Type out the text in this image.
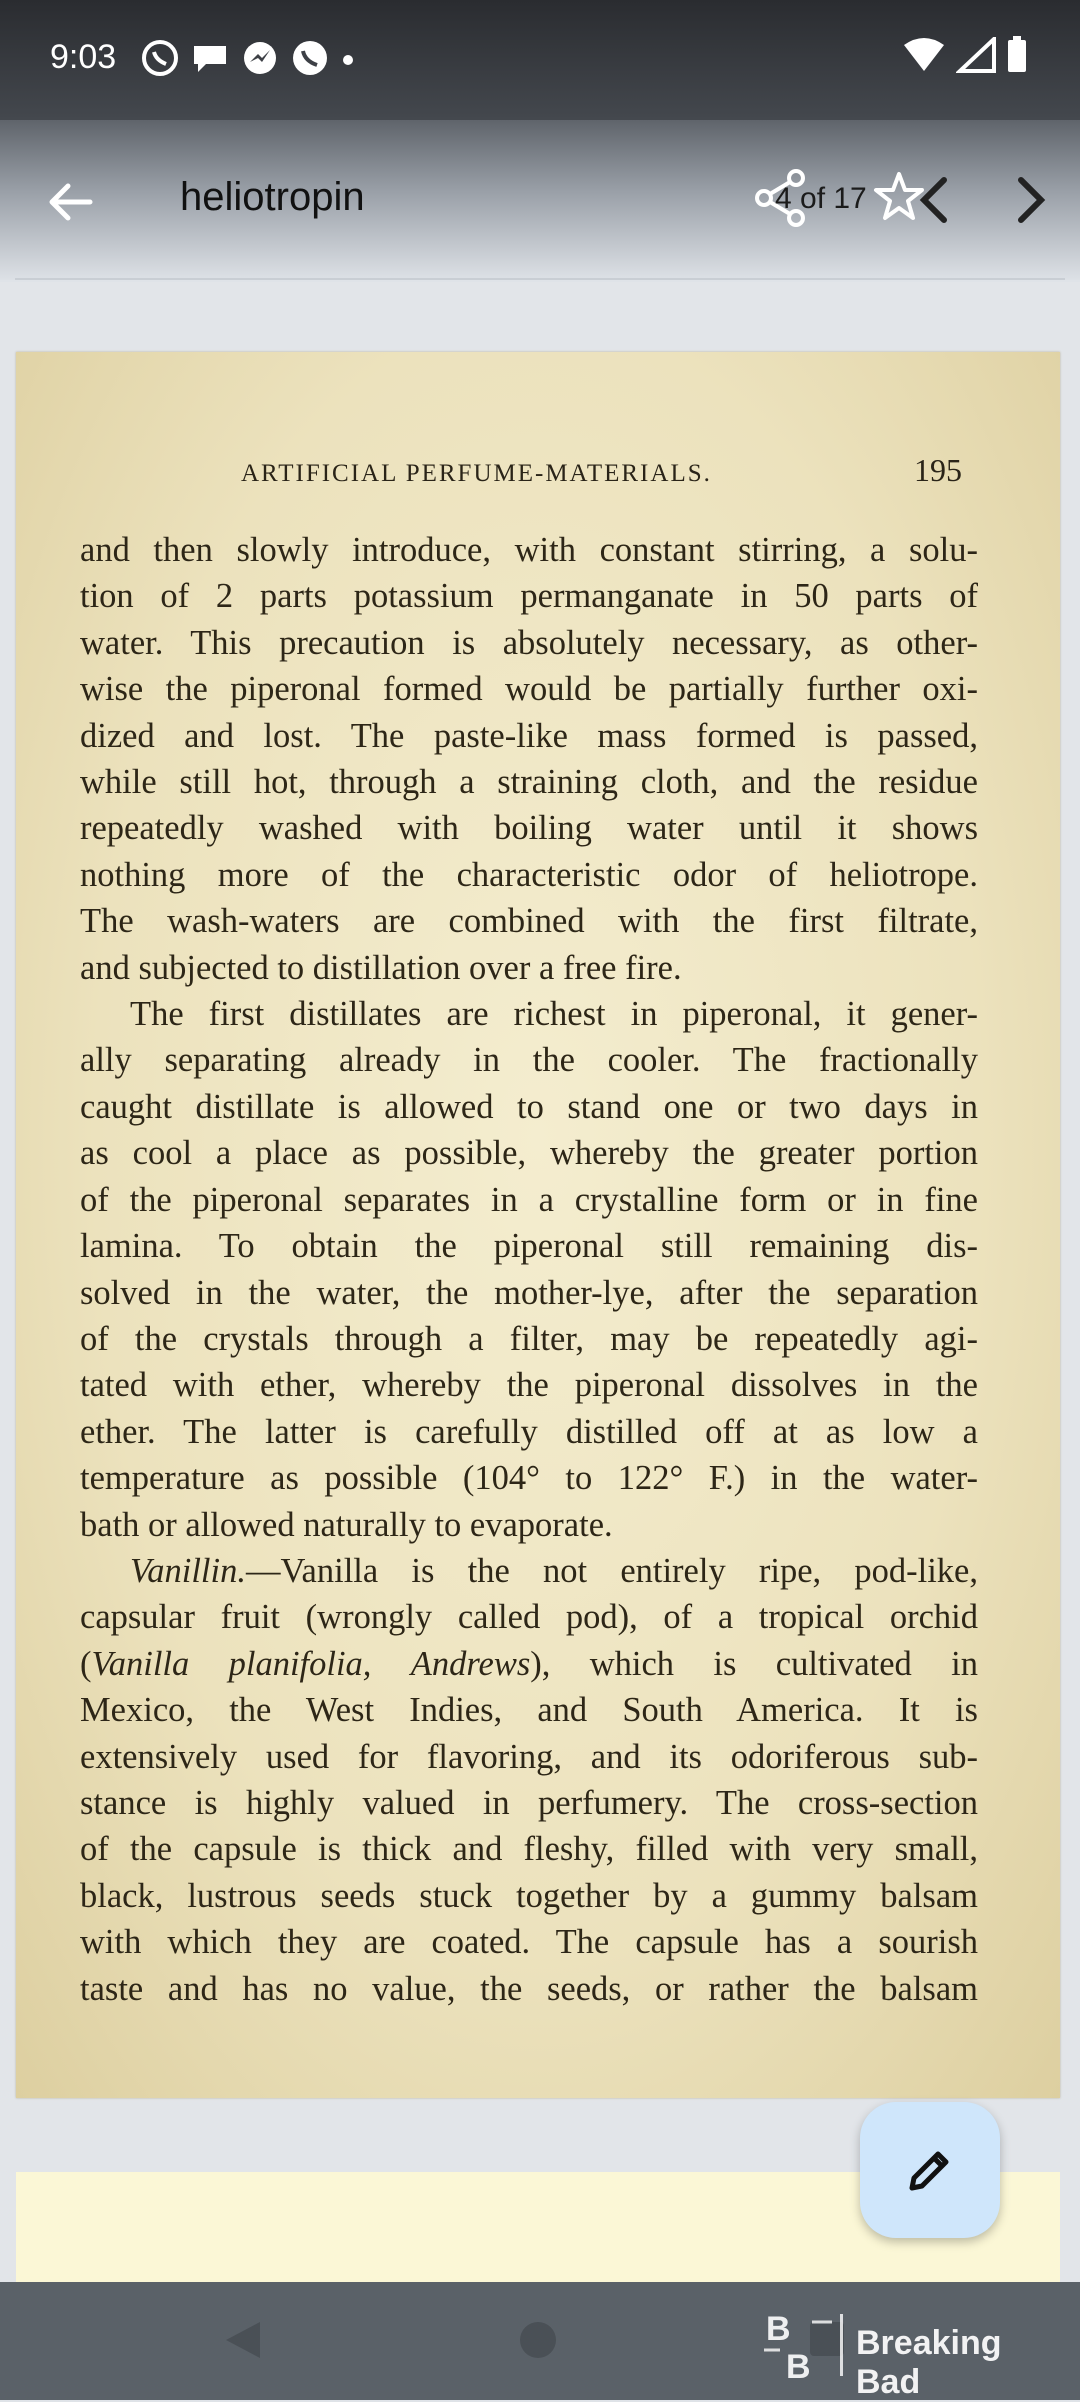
9:03
heliotropin	4 of 17
ARTIFICIAL PERFUME-MATERIALS.	195
and then slowly introduce, with constant stirring, a solu-
tion of 2 parts potassium permanganate in 50 parts of
water. This precaution is absolutely necessary, as other-
wise the piperonal formed would be partially further oxi-
dized and lost. The paste-like mass formed is passed,
while still hot, through a straining cloth, and the residue
repeatedly washed with boiling water until it shows
nothing more of the characteristic odor of heliotrope.
The wash-waters are combined with the first filtrate,
and subjected to distillation over a free fire.
The first distillates are richest in piperonal, it gener-
ally separating already in the cooler. The fractionally
caught distillate is allowed to stand one or two days in
as cool a place as possible, whereby the greater portion
of the piperonal separates in a crystalline form or in fine
lamina. To obtain the piperonal still remaining dis-
solved in the water, the mother-lye, after the separation
of the crystals through a filter, may be repeatedly agi-
tated with ether, whereby the piperonal dissolves in the
ether. The latter is carefully distilled off at as low a
temperature as possible (104° to 122° F.) in the water-
bath or allowed naturally to evaporate.
Vanillin.—Vanilla is the not entirely ripe, pod-like,
capsular fruit (wrongly called pod), of a tropical orchid
(Vanilla planifolia, Andrews), which is cultivated in
Mexico, the West Indies, and South America. It is
extensively used for flavoring, and its odoriferous sub-
stance is highly valued in perfumery. The cross-section
of the capsule is thick and fleshy, filled with very small,
black, lustrous seeds stuck together by a gummy balsam
with which they are coated. The capsule has a sourish
taste and has no value, the seeds, or rather the balsam
B
B
Breaking Bad
